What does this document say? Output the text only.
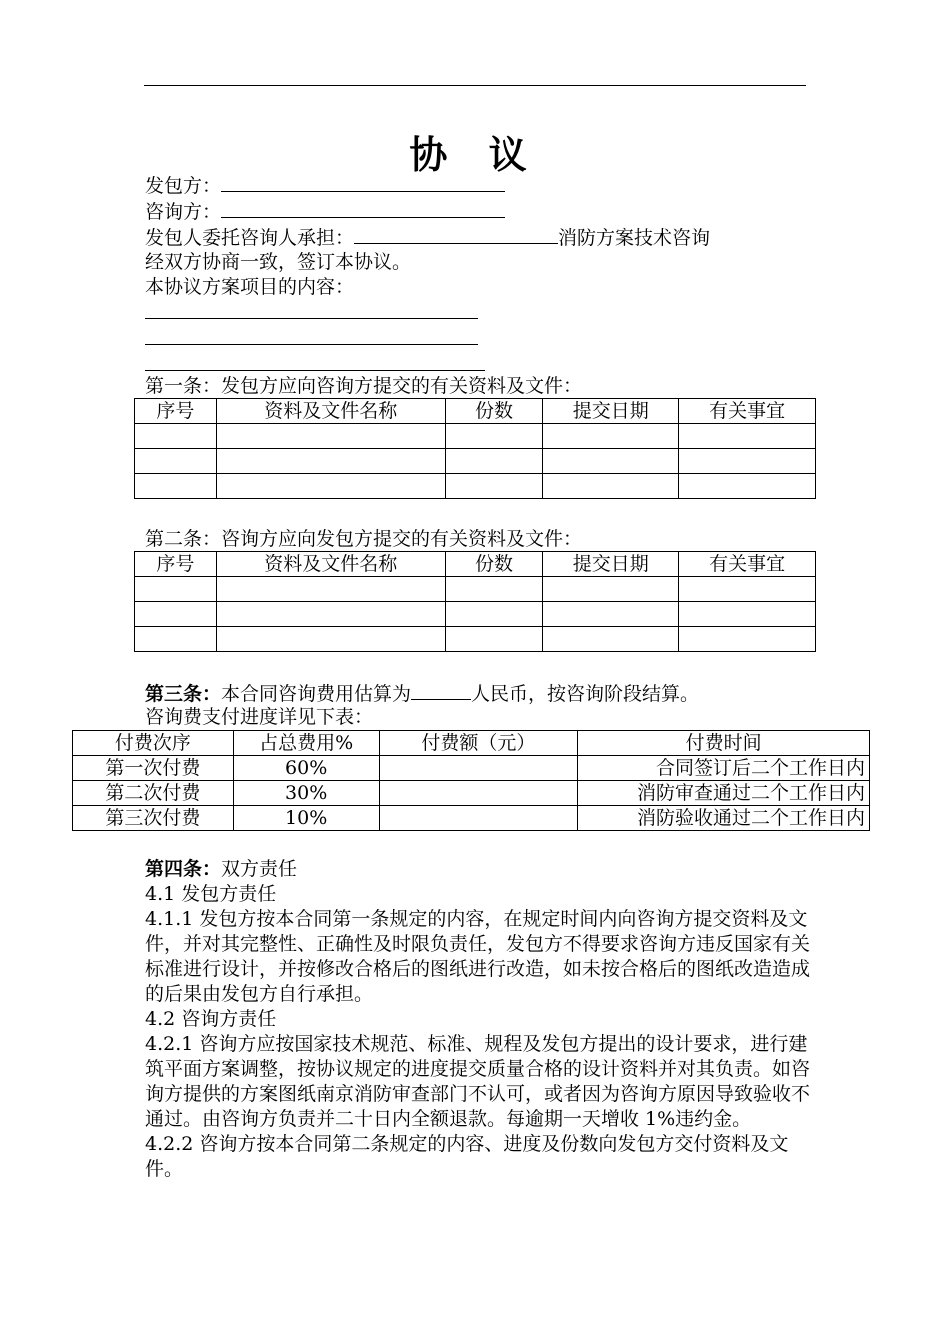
协 议
发包方：
咨询方：
发包人委托咨询人承担：	消防方案技术咨询
经双方协商一致，签订本协议。
本协议方案项目的内容：
第一条：发包方应向咨询方提交的有关资料及文件：
序号	资料及文件名称	份数	提交日期	有关事宜

第二条：咨询方应向发包方提交的有关资料及文件：
序号	资料及文件名称	份数	提交日期	有关事宜

第三条：本合同咨询费用估算为	人民币，按咨询阶段结算。
咨询费支付进度详见下表：
付费次序	占总费用%	付费额（元）	付费时间
第一次付费	60%		合同签订后二个工作日内
第二次付费	30%		消防审查通过二个工作日内
第三次付费	10%		消防验收通过二个工作日内
第四条：双方责任
4.1 发包方责任
4.1.1 发包方按本合同第一条规定的内容，在规定时间内向咨询方提交资料及文件，并对其完整性、正确性及时限负责任，发包方不得要求咨询方违反国家有关标准进行设计，并按修改合格后的图纸进行改造，如未按合格后的图纸改造造成的后果由发包方自行承担。
4.2 咨询方责任
4.2.1 咨询方应按国家技术规范、标准、规程及发包方提出的设计要求，进行建筑平面方案调整，按协议规定的进度提交质量合格的设计资料并对其负责。如咨询方提供的方案图纸南京消防审查部门不认可，或者因为咨询方原因导致验收不通过。由咨询方负责并二十日内全额退款。每逾期一天增收 1%违约金。
4.2.2 咨询方按本合同第二条规定的内容、进度及份数向发包方交付资料及文件。
